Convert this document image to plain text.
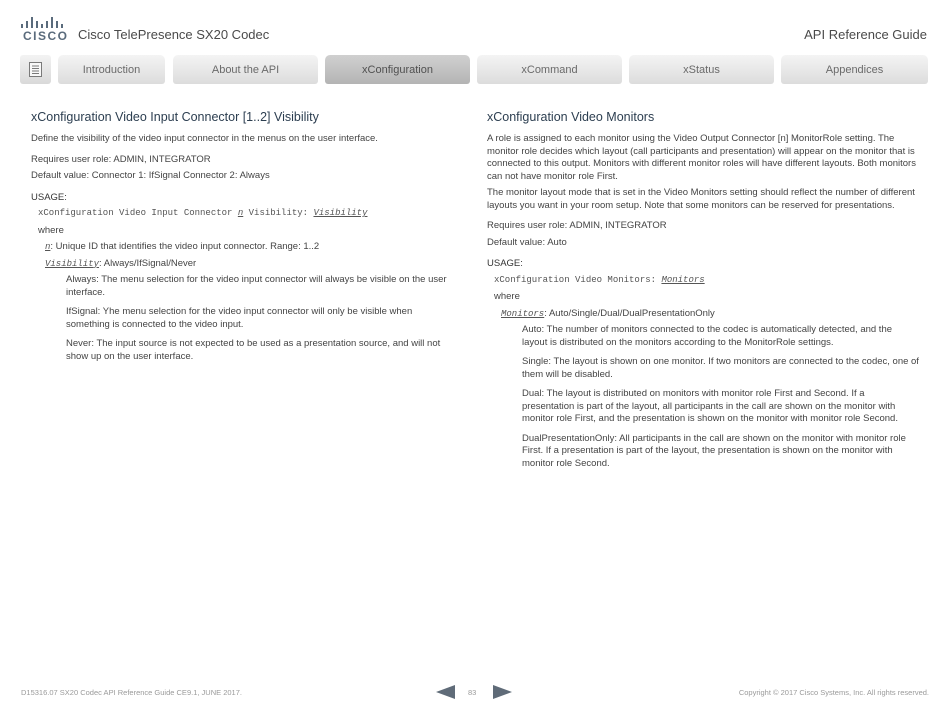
CISCO Cisco TelePresence SX20 Codec	API Reference Guide
Introduction	About the API	xConfiguration	xCommand	xStatus	Appendices
xConfiguration Video Input Connector [1..2] Visibility

Define the visibility of the video input connector in the menus on the user interface.

Requires user role: ADMIN, INTEGRATOR

Default value: Connector 1: IfSignal Connector 2: Always

USAGE:
xConfiguration Video Input Connector n Visibility: Visibility
where
n: Unique ID that identifies the video input connector. Range: 1..2
Visibility: Always/IfSignal/Never

Always: The menu selection for the video input connector will always be visible on the user interface.

IfSignal: Yhe menu selection for the video input connector will only be visible when something is connected to the video input.

Never: The input source is not expected to be used as a presentation source, and will not show up on the user interface.

xConfiguration Video Monitors

A role is assigned to each monitor using the Video Output Connector [n] MonitorRole setting. The monitor role decides which layout (call participants and presentation) will appear on the monitor that is connected to this output. Monitors with different monitor roles will have different layouts. Both monitors can not have monitor role First.

The monitor layout mode that is set in the Video Monitors setting should reflect the number of different layouts you want in your room setup. Note that some monitors can be reserved for presentations.

Requires user role: ADMIN, INTEGRATOR

Default value: Auto

USAGE:
xConfiguration Video Monitors: Monitors
where
Monitors: Auto/Single/Dual/DualPresentationOnly

Auto: The number of monitors connected to the codec is automatically detected, and the layout is distributed on the monitors according to the MonitorRole settings.

Single: The layout is shown on one monitor. If two monitors are connected to the codec, one of them will be disabled.

Dual: The layout is distributed on monitors with monitor role First and Second. If a presentation is part of the layout, all participants in the call are shown on the monitor with monitor role First, and the presentation is shown on the monitor with monitor role Second.

DualPresentationOnly: All participants in the call are shown on the monitor with monitor role First. If a presentation is part of the layout, the presentation is shown on the monitor with monitor role Second.

D15316.07 SX20 Codec API Reference Guide CE9.1, JUNE 2017.	83	Copyright © 2017 Cisco Systems, Inc. All rights reserved.
